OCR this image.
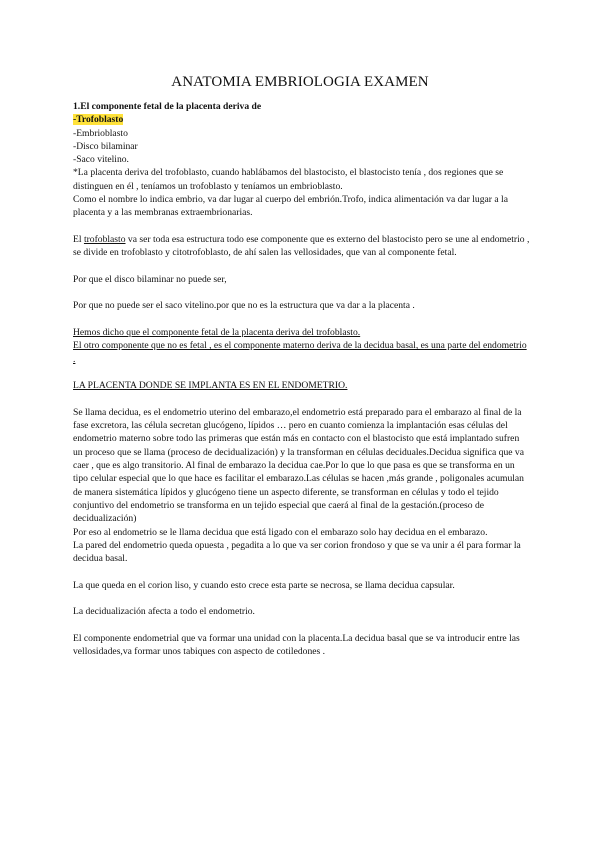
ANATOMIA EMBRIOLOGIA EXAMEN

1.El componente fetal de la placenta deriva de

-Trofoblasto

-Embrioblasto

-Disco bilaminar

-Saco vitelino.

*La placenta deriva del trofoblasto, cuando hablábamos del blastocisto, el blastocisto tenía , dos regiones que se distinguen en él , teníamos un trofoblasto y teníamos un embrioblasto.

Como el nombre lo indica embrio, va dar lugar al cuerpo del embrión.Trofo, indica alimentación va dar lugar a la placenta y a las membranas extraembrionarias.

El trofoblasto va ser toda esa estructura todo ese componente que es externo del blastocisto pero se une al endometrio , se divide en trofoblasto y citotrofoblasto, de ahí salen las vellosidades, que van al componente fetal.

Por que el disco bilaminar no puede ser,

Por que no puede ser el saco vitelino.por que no es la estructura que va dar a la placenta .

Hemos dicho que el componente fetal de la placenta deriva del trofoblasto.

El otro componente que no es fetal , es el componente materno deriva de la decidua basal, es una parte del endometrio .

LA PLACENTA DONDE SE IMPLANTA ES EN EL ENDOMETRIO.

Se llama decidua, es el endometrio uterino del embarazo,el endometrio está preparado para el embarazo al final de la fase excretora, las célula secretan glucógeno, lípidos … pero en cuanto comienza la implantación esas células del endometrio materno sobre todo las primeras que están más en contacto con el blastocisto que está implantado sufren un proceso que se llama (proceso de decidualización) y la transforman en células deciduales.Decidua significa que va caer , que es algo transitorio. Al final de embarazo la decidua cae.Por lo que lo que pasa es que se transforma en un tipo celular especial que lo que hace es facilitar el embarazo.Las células se hacen ,más grande , poligonales acumulan de manera sistemática lípidos y glucógeno tiene un aspecto diferente, se transforman en células y todo el tejido conjuntivo del endometrio se transforma en un tejido especial que caerá al final de la gestación.(proceso de decidualización)

Por eso al endometrio se le llama decidua que está ligado con el embarazo solo hay decidua en el embarazo.

La pared del endometrio queda opuesta , pegadita a lo que va ser corion frondoso y que se va unir a él para formar la decidua basal.

La que queda en el corion liso, y cuando esto crece esta parte se necrosa, se llama decidua capsular.

La decidualización afecta a todo el endometrio.

El componente endometrial que va formar una unidad con la placenta.La decidua basal que se va introducir entre las vellosidades,va formar unos tabiques con aspecto de cotiledones .
